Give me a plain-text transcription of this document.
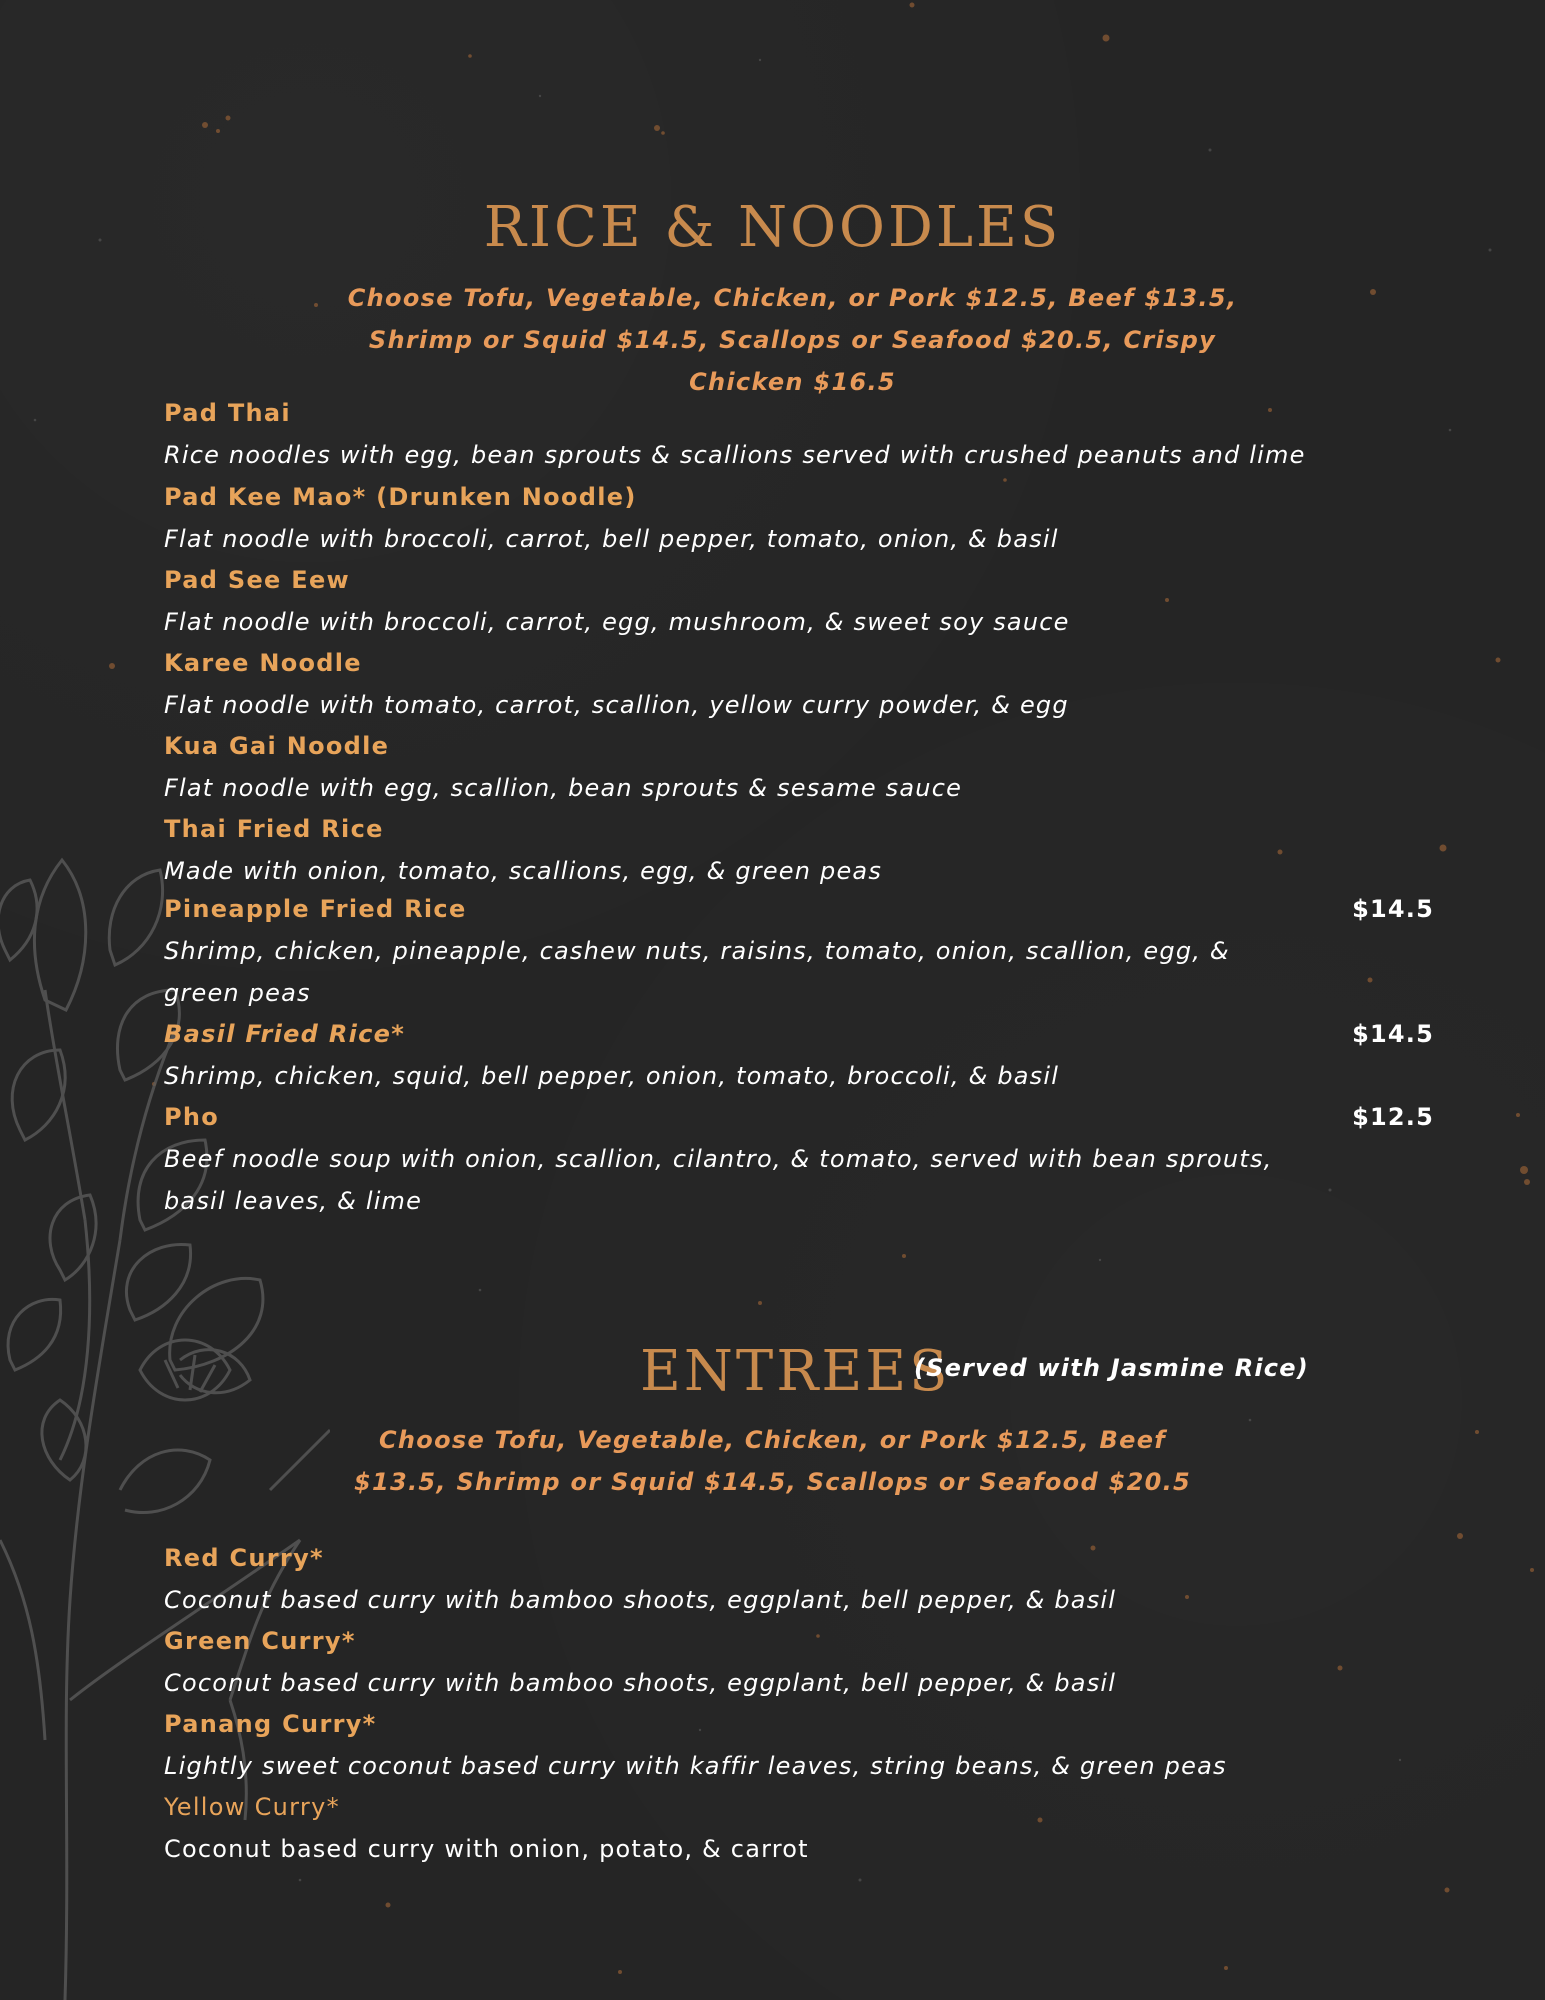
RICE & NOODLES

Choose Tofu, Vegetable, Chicken, or Pork $12.5, Beef $13.5, Shrimp or Squid $14.5, Scallops or Seafood $20.5, Crispy Chicken $16.5

Pad Thai

Rice noodles with egg, bean sprouts & scallions served with crushed peanuts and lime

Pad Kee Mao* (Drunken Noodle)

Flat noodle with broccoli, carrot, bell pepper, tomato, onion, & basil

Pad See Eew

Flat noodle with broccoli, carrot, egg, mushroom, & sweet soy sauce

Karee Noodle

Flat noodle with tomato, carrot, scallion, yellow curry powder, & egg

Kua Gai Noodle

Flat noodle with egg, scallion, bean sprouts & sesame sauce

Thai Fried Rice

Made with onion, tomato, scallions, egg, & green peas

Pineapple Fried Rice	$14.5

Shrimp, chicken, pineapple, cashew nuts, raisins, tomato, onion, scallion, egg, & green peas

Basil Fried Rice*	$14.5

Shrimp, chicken, squid, bell pepper, onion, tomato, broccoli, & basil

Pho	$12.5

Beef noodle soup with onion, scallion, cilantro, & tomato, served with bean sprouts, basil leaves, & lime

ENTREES
(Served with Jasmine Rice)

Choose Tofu, Vegetable, Chicken, or Pork $12.5, Beef $13.5, Shrimp or Squid $14.5, Scallops or Seafood $20.5

Red Curry*

Coconut based curry with bamboo shoots, eggplant, bell pepper, & basil

Green Curry*

Coconut based curry with bamboo shoots, eggplant, bell pepper, & basil

Panang Curry*

Lightly sweet coconut based curry with kaffir leaves, string beans, & green peas

Yellow Curry*

Coconut based curry with onion, potato, & carrot
